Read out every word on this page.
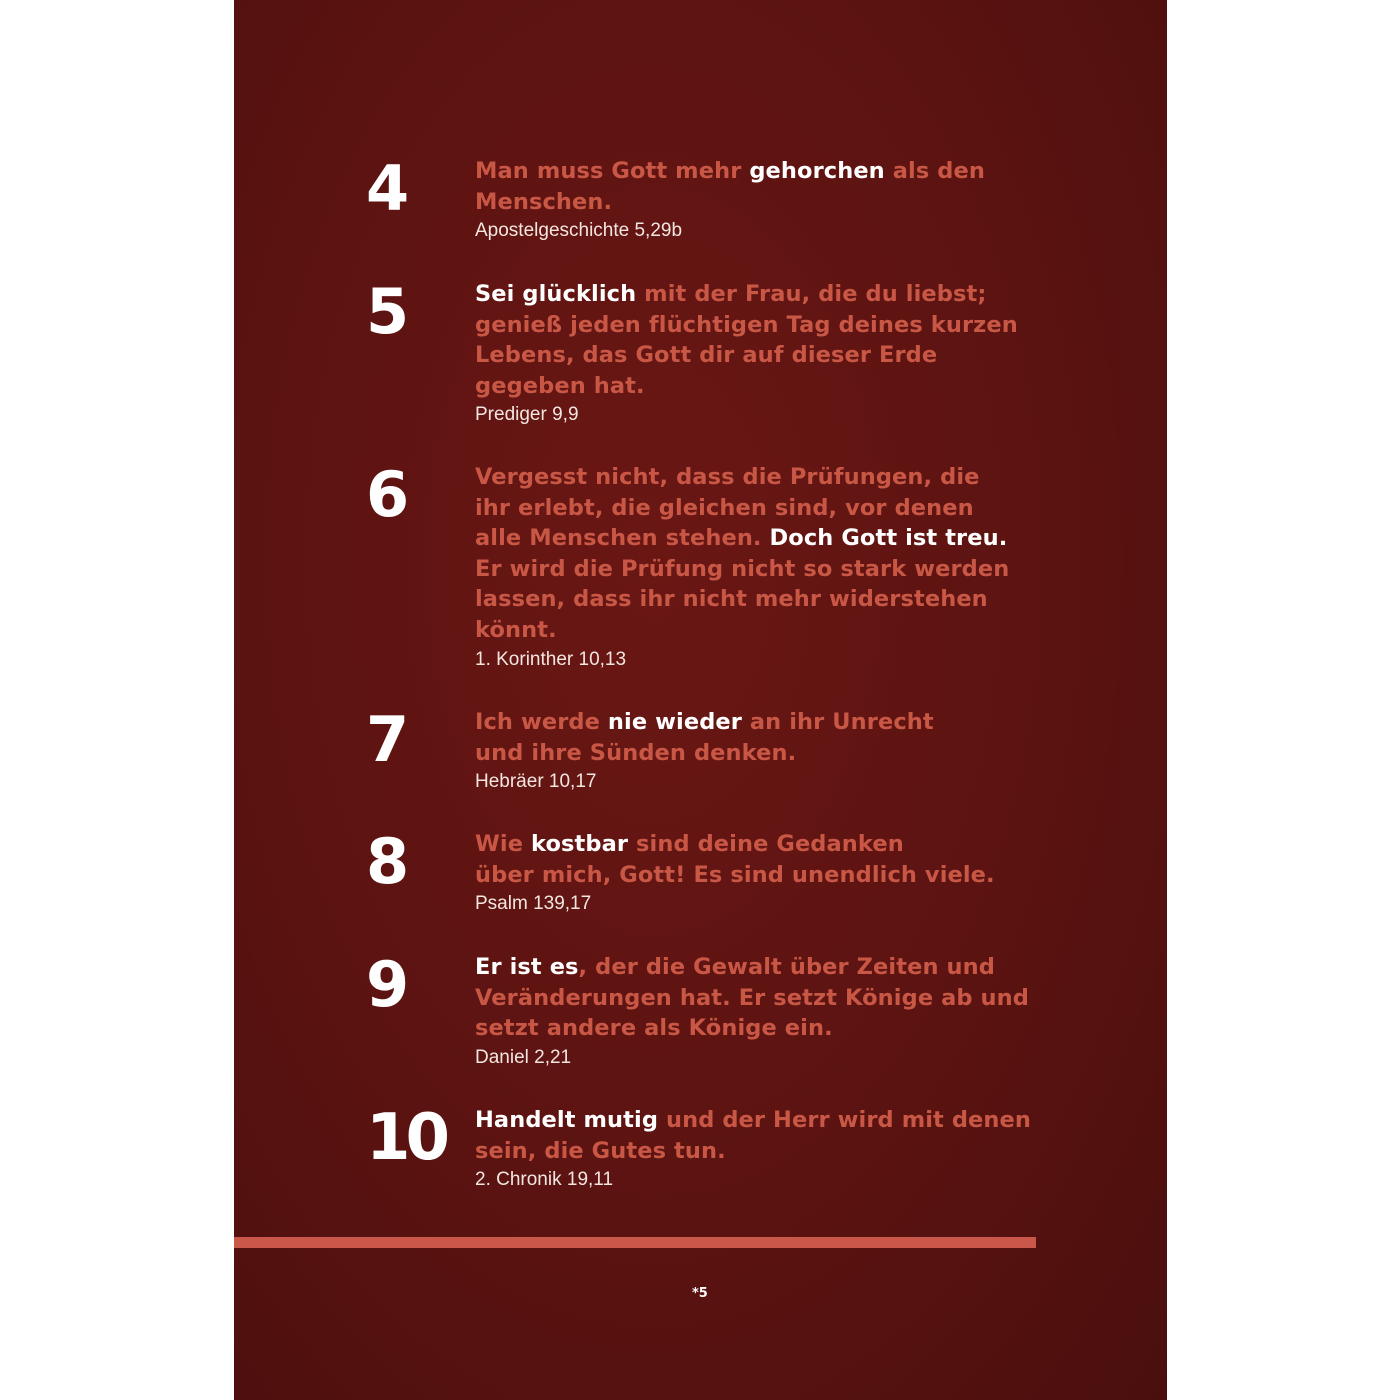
4	Man muss Gott mehr gehorchen als den
Menschen.
Apostelgeschichte 5,29b
5	Sei glücklich mit der Frau, die du liebst;
genieß jeden flüchtigen Tag deines kurzen
Lebens, das Gott dir auf dieser Erde
gegeben hat.
Prediger 9,9
6	Vergesst nicht, dass die Prüfungen, die
ihr erlebt, die gleichen sind, vor denen
alle Menschen stehen. Doch Gott ist treu.
Er wird die Prüfung nicht so stark werden
lassen, dass ihr nicht mehr widerstehen
könnt.
1. Korinther 10,13
7	Ich werde nie wieder an ihr Unrecht
und ihre Sünden denken.
Hebräer 10,17
8	Wie kostbar sind deine Gedanken
über mich, Gott! Es sind unendlich viele.
Psalm 139,17
9	Er ist es, der die Gewalt über Zeiten und
Veränderungen hat. Er setzt Könige ab und
setzt andere als Könige ein.
Daniel 2,21
10 Handelt mutig und der Herr wird mit denen
sein, die Gutes tun.
2. Chronik 19,11
*5
